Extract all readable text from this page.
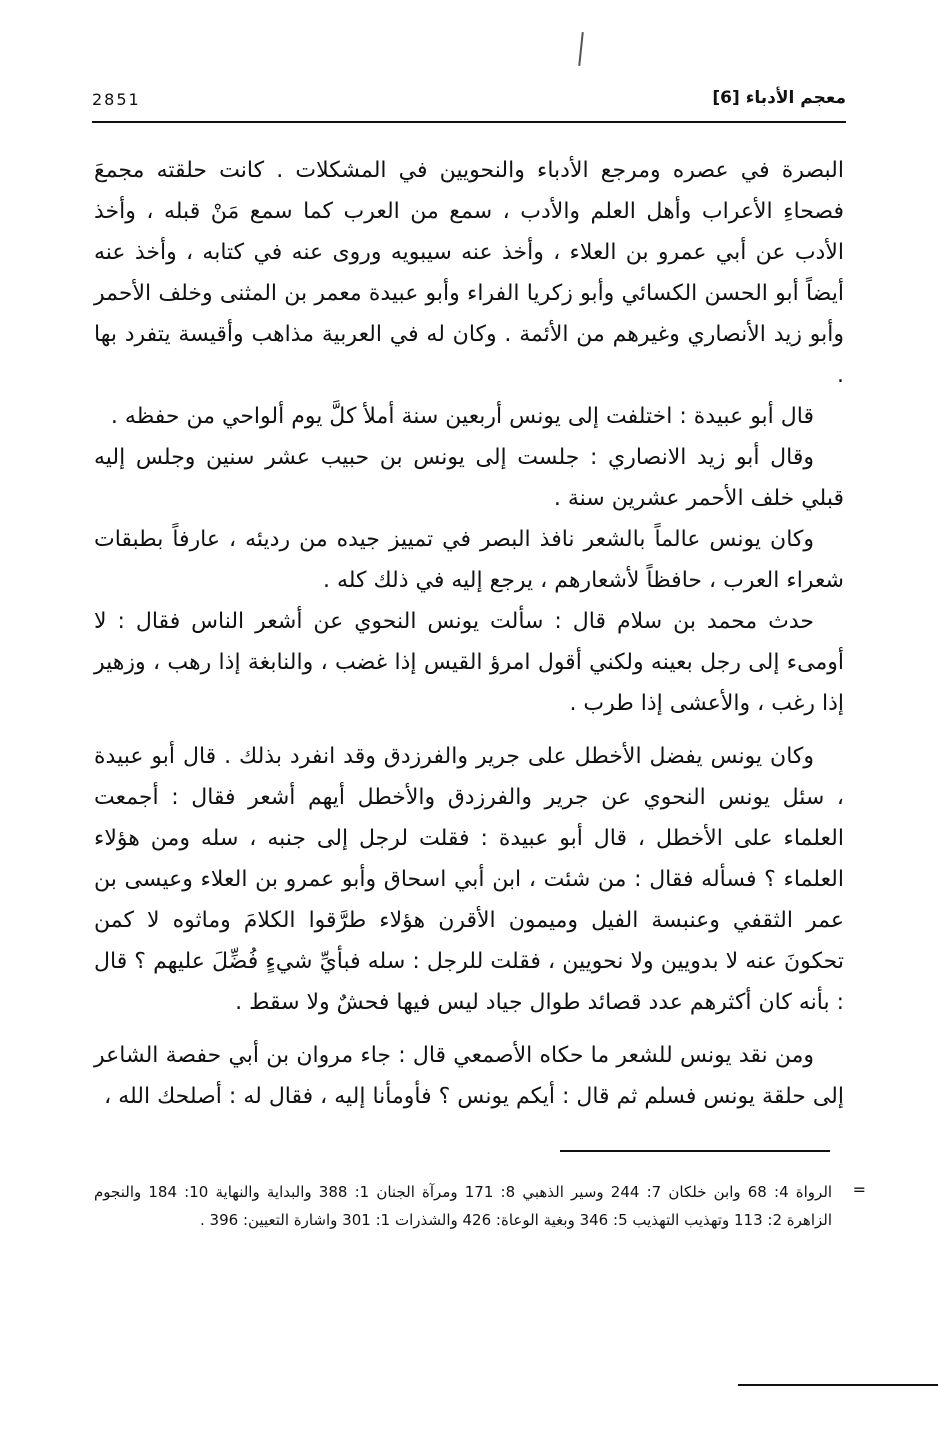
2851	معجم الأدباء [6]

البصرة في عصره ومرجع الأدباء والنحويين في المشكلات . كانت حلقته مجمعَ فصحاءِ الأعراب وأهل العلم والأدب ، سمع من العرب كما سمع مَنْ قبله ، وأخذ الأدب عن أبي عمرو بن العلاء ، وأخذ عنه سيبويه وروى عنه في كتابه ، وأخذ عنه أيضاً أبو الحسن الكسائي وأبو زكريا الفراء وأبو عبيدة معمر بن المثنى وخلف الأحمر وأبو زيد الأنصاري وغيرهم من الأئمة . وكان له في العربية مذاهب وأقيسة يتفرد بها .

قال أبو عبيدة : اختلفت إلى يونس أربعين سنة أملأ كلَّ يوم ألواحي من حفظه .

وقال أبو زيد الانصاري : جلست إلى يونس بن حبيب عشر سنين وجلس إليه قبلي خلف الأحمر عشرين سنة .

وكان يونس عالماً بالشعر نافذ البصر في تمييز جيده من رديئه ، عارفاً بطبقات شعراء العرب ، حافظاً لأشعارهم ، يرجع إليه في ذلك كله .

حدث محمد بن سلام قال : سألت يونس النحوي عن أشعر الناس فقال : لا أومىء إلى رجل بعينه ولكني أقول امرؤ القيس إذا غضب ، والنابغة إذا رهب ، وزهير إذا رغب ، والأعشى إذا طرب .

وكان يونس يفضل الأخطل على جرير والفرزدق وقد انفرد بذلك . قال أبو عبيدة ، سئل يونس النحوي عن جرير والفرزدق والأخطل أيهم أشعر فقال : أجمعت العلماء على الأخطل ، قال أبو عبيدة : فقلت لرجل إلى جنبه ، سله ومن هؤلاء العلماء ؟ فسأله فقال : من شئت ، ابن أبي اسحاق وأبو عمرو بن العلاء وعيسى بن عمر الثقفي وعنبسة الفيل وميمون الأقرن هؤلاء طرَّقوا الكلامَ وماثوه لا كمن تحكونَ عنه لا بدويين ولا نحويين ، فقلت للرجل : سله فبأيِّ شيءٍ فُضِّلَ عليهم ؟ قال : بأنه كان أكثرهم عدد قصائد طوال جياد ليس فيها فحشٌ ولا سقط .

ومن نقد يونس للشعر ما حكاه الأصمعي قال : جاء مروان بن أبي حفصة الشاعر إلى حلقة يونس فسلم ثم قال : أيكم يونس ؟ فأومأنا إليه ، فقال له : أصلحك الله ،

=
الرواة 4: 68 وابن خلكان 7: 244 وسير الذهبي 8: 171 ومرآة الجنان 1: 388 والبداية والنهاية 10: 184 والنجوم الزاهرة 2: 113 وتهذيب التهذيب 5: 346 وبغية الوعاة: 426 والشذرات 1: 301 واشارة التعيين: 396 .
